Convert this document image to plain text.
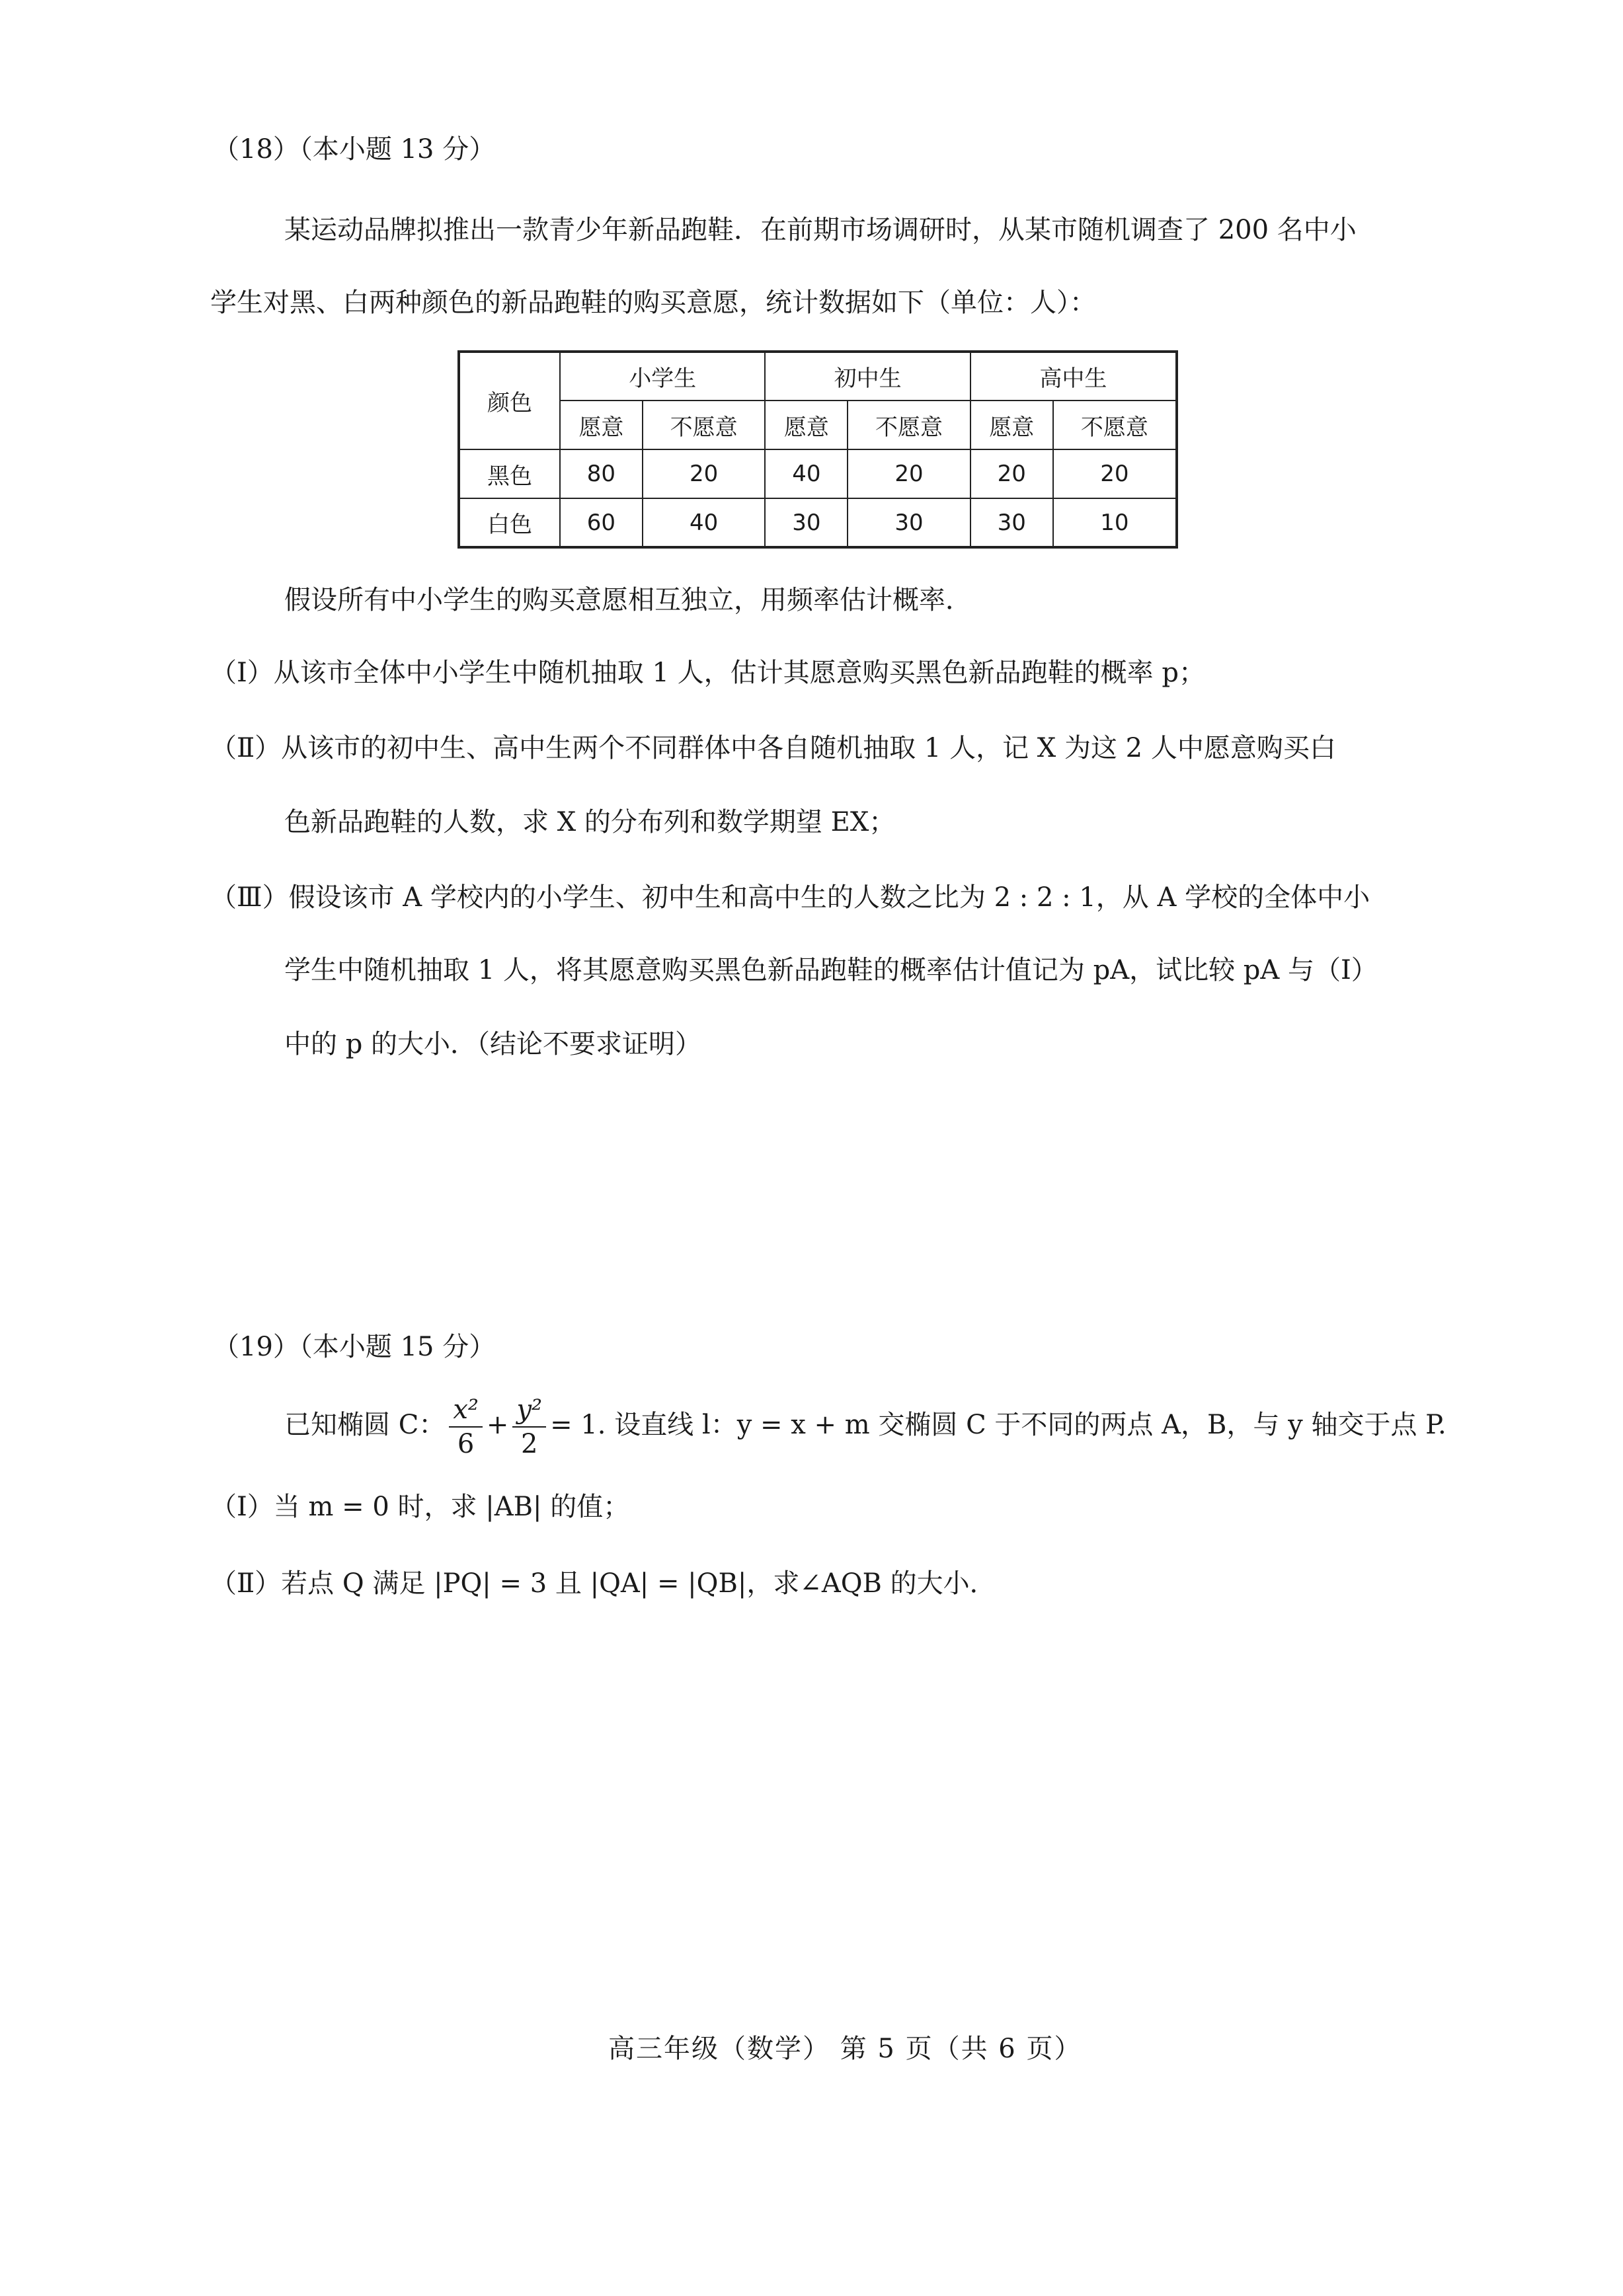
（18）（本小题 13 分）
某运动品牌拟推出一款青少年新品跑鞋．在前期市场调研时，从某市随机调查了 200 名中小
学生对黑、白两种颜色的新品跑鞋的购买意愿，统计数据如下（单位：人）：
颜色	小学生		初中生		高中生	
	愿意	不愿意	愿意	不愿意	愿意	不愿意
黑色	80	20	40	20	20	20
白色	60	40	30	30	30	10
假设所有中小学生的购买意愿相互独立，用频率估计概率．
（Ⅰ）从该市全体中小学生中随机抽取 1 人，估计其愿意购买黑色新品跑鞋的概率 p；
（Ⅱ）从该市的初中生、高中生两个不同群体中各自随机抽取 1 人，记 X 为这 2 人中愿意购买白
色新品跑鞋的人数，求 X 的分布列和数学期望 EX；
（Ⅲ）假设该市 A 学校内的小学生、初中生和高中生的人数之比为 2 : 2 : 1，从 A 学校的全体中小
学生中随机抽取 1 人，将其愿意购买黑色新品跑鞋的概率估计值记为 pA，试比较 pA 与（Ⅰ）
中的 p 的大小．（结论不要求证明）
（19）（本小题 15 分）
已知椭圆 C： $\frac{\text{x²}}{6} + \frac{\text{y²}}{2} = 1$. 设直线 l：y = x + m 交椭圆 C 于不同的两点 A，B，与 y 轴交于点 P.
（Ⅰ）当 m = 0 时，求 |AB| 的值；
（Ⅱ）若点 Q 满足 |PQ| = 3 且 |QA| = |QB|，求∠AQB 的大小．
高三年级（数学） 第 5 页（共 6 页）
